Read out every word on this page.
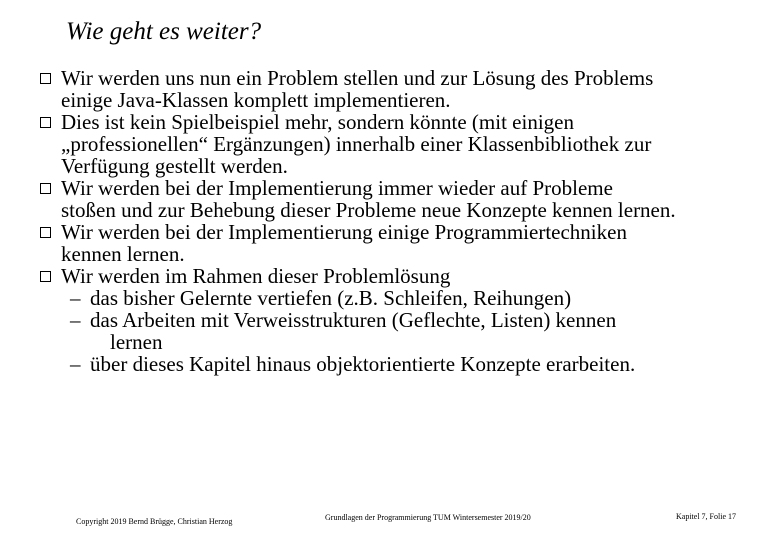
Wie geht es weiter?
Wir werden uns nun ein Problem stellen und zur Lösung des Problems
einige Java-Klassen komplett implementieren.
Dies ist kein Spielbeispiel mehr, sondern könnte (mit einigen
„professionellen“ Ergänzungen) innerhalb einer Klassenbibliothek zur
Verfügung gestellt werden.
Wir werden bei der Implementierung immer wieder auf Probleme
stoßen und zur Behebung dieser Probleme neue Konzepte kennen lernen.
Wir werden bei der Implementierung einige Programmiertechniken
kennen lernen.
Wir werden im Rahmen dieser Problemlösung
– das bisher Gelernte vertiefen (z.B. Schleifen, Reihungen)
– das Arbeiten mit Verweisstrukturen (Geflechte, Listen) kennen
lernen
– über dieses Kapitel hinaus objektorientierte Konzepte erarbeiten.
Copyright 2019 Bernd Brügge, Christian Herzog	Grundlagen der Programmierung TUM Wintersemester 2019/20	Kapitel 7, Folie 17
